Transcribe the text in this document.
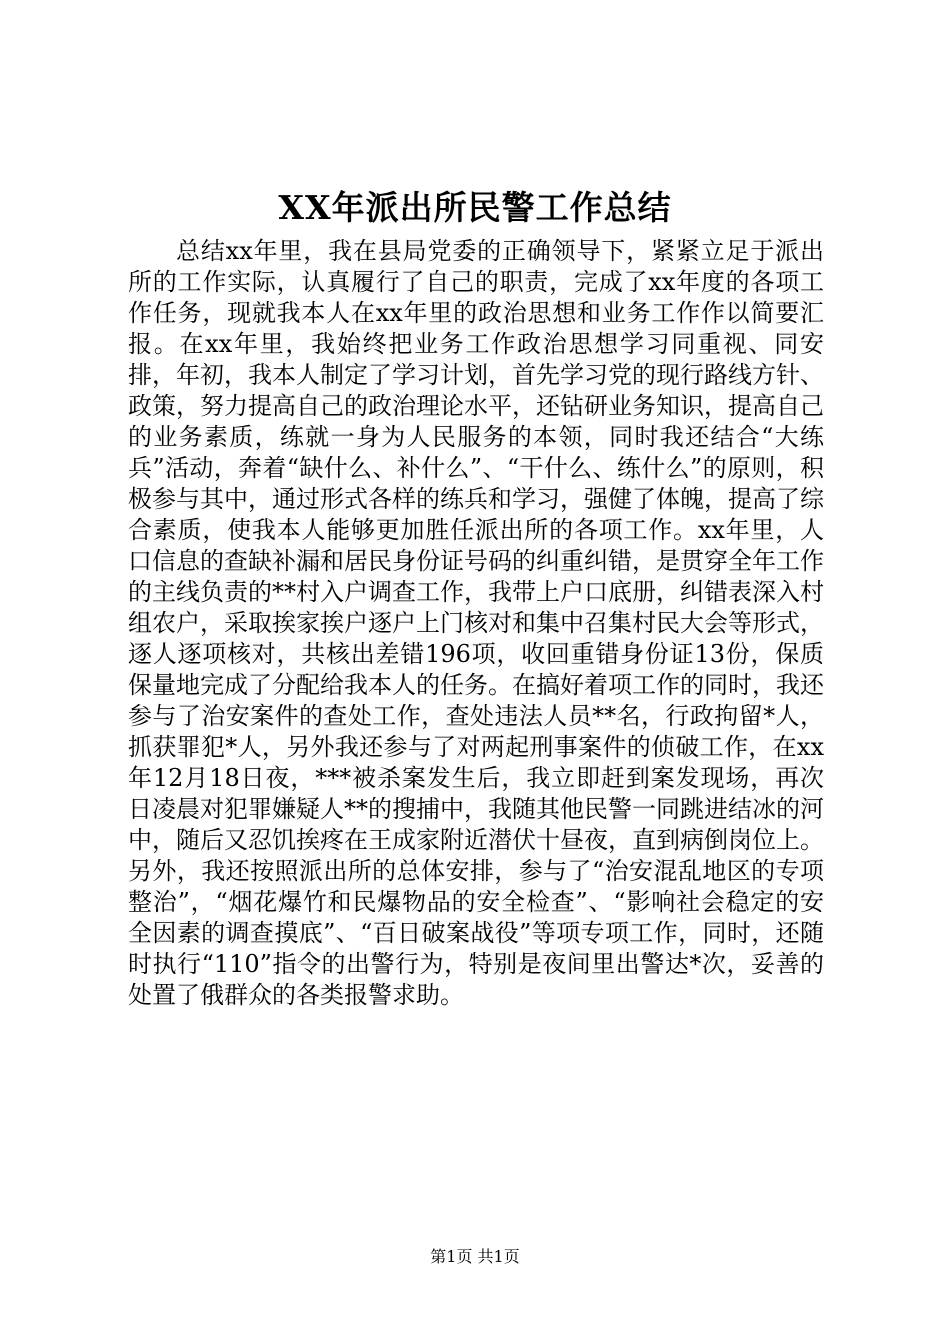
XX年派出所民警工作总结

总结xx年里，我在县局党委的正确领导下，紧紧立足于派出所的工作实际，认真履行了自己的职责，完成了xx年度的各项工作任务，现就我本人在xx年里的政治思想和业务工作作以简要汇报。在xx年里，我始终把业务工作政治思想学习同重视、同安排，年初，我本人制定了学习计划，首先学习党的现行路线方针、政策，努力提高自己的政治理论水平，还钻研业务知识，提高自己的业务素质，练就一身为人民服务的本领，同时我还结合“大练兵”活动，奔着“缺什么、补什么”、“干什么、练什么”的原则，积极参与其中，通过形式各样的练兵和学习，强健了体魄，提高了综合素质，使我本人能够更加胜任派出所的各项工作。xx年里，人口信息的查缺补漏和居民身份证号码的纠重纠错，是贯穿全年工作的主线负责的**村入户调查工作，我带上户口底册，纠错表深入村组农户，采取挨家挨户逐户上门核对和集中召集村民大会等形式，逐人逐项核对，共核出差错196项，收回重错身份证13份，保质保量地完成了分配给我本人的任务。在搞好着项工作的同时，我还参与了治安案件的查处工作，查处违法人员**名，行政拘留*人，抓获罪犯*人，另外我还参与了对两起刑事案件的侦破工作，在xx年12月18日夜，***被杀案发生后，我立即赶到案发现场，再次日凌晨对犯罪嫌疑人**的搜捕中，我随其他民警一同跳进结冰的河中，随后又忍饥挨疼在王成家附近潜伏十昼夜，直到病倒岗位上。另外，我还按照派出所的总体安排，参与了“治安混乱地区的专项整治”，“烟花爆竹和民爆物品的安全检查”、“影响社会稳定的安全因素的调查摸底”、“百日破案战役”等项专项工作，同时，还随时执行“110”指令的出警行为，特别是夜间里出警达*次，妥善的处置了俄群众的各类报警求助。

第1页 共1页
